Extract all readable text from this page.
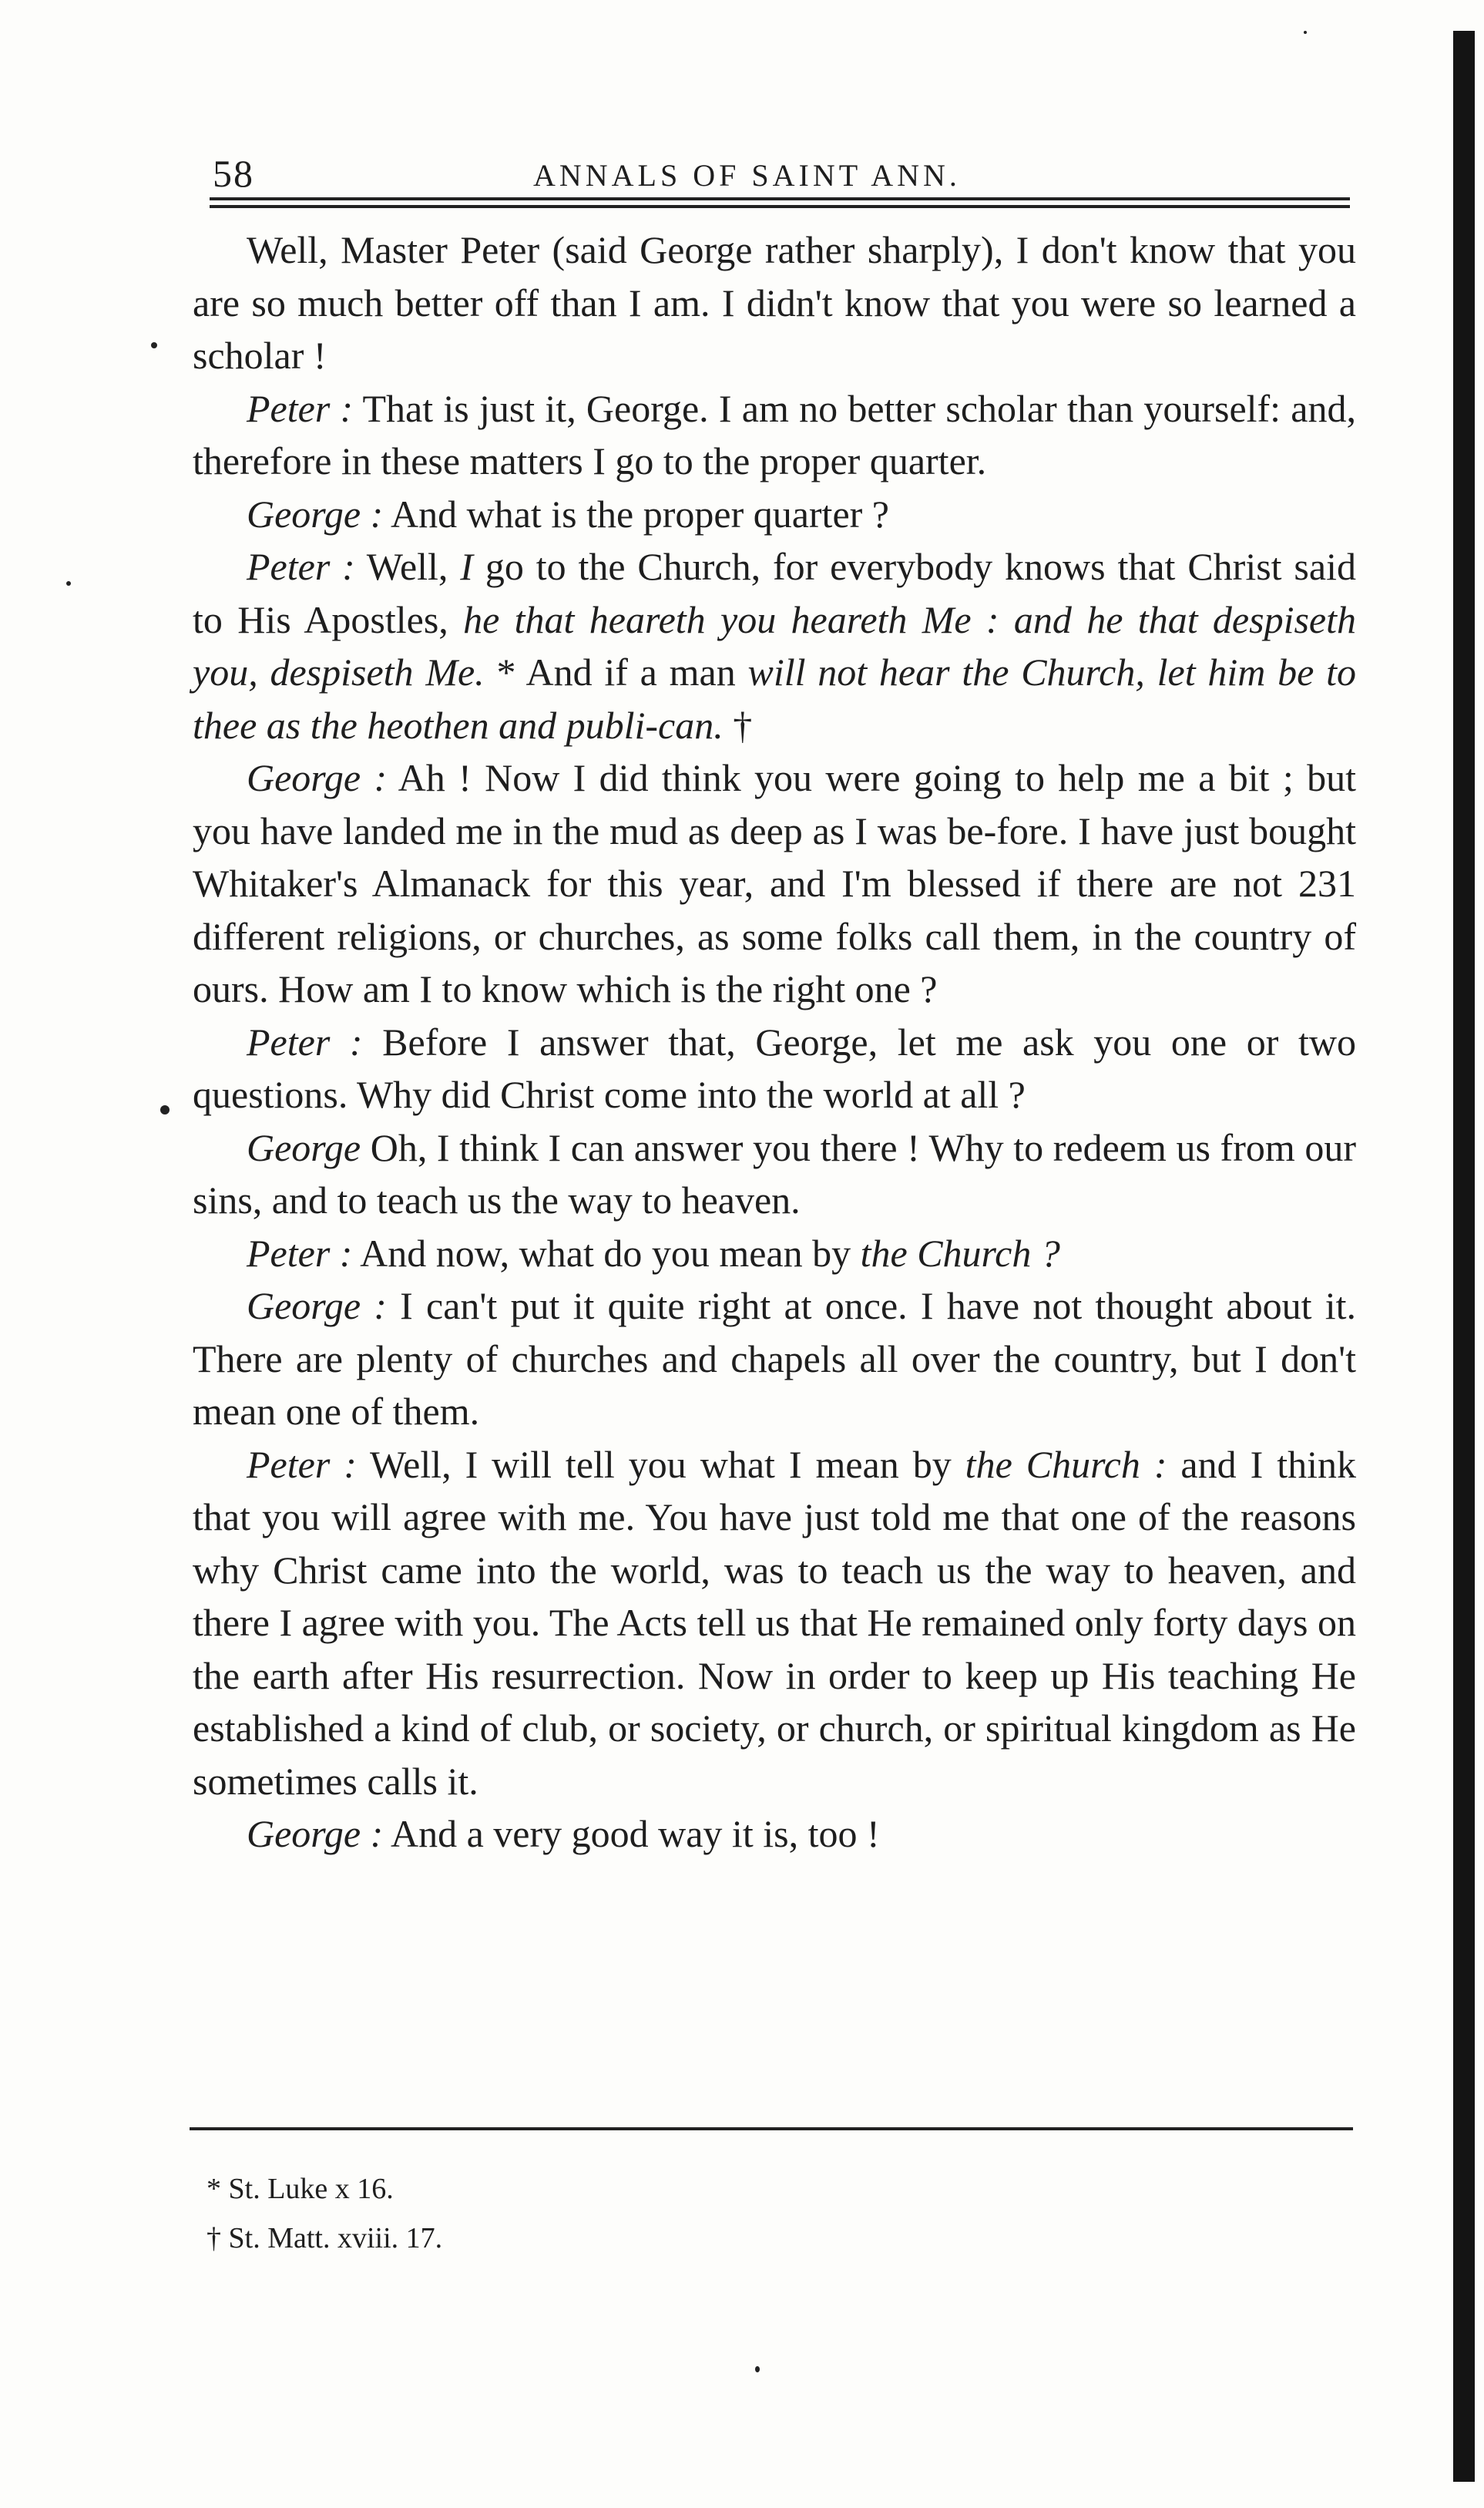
58	ANNALS OF SAINT ANN.

Well, Master Peter (said George rather sharply), I don't know that you are so much better off than I am. I didn't know that you were so learned a scholar !

Peter : That is just it, George. I am no better scholar than yourself: and, therefore in these matters I go to the proper quarter.

George : And what is the proper quarter ?

Peter : Well, I go to the Church, for everybody knows that Christ said to His Apostles, he that heareth you heareth Me : and he that despiseth you, despiseth Me. * And if a man will not hear the Church, let him be to thee as the heothen and publi-can. †

George : Ah ! Now I did think you were going to help me a bit ; but you have landed me in the mud as deep as I was be-fore. I have just bought Whitaker's Almanack for this year, and I'm blessed if there are not 231 different religions, or churches, as some folks call them, in the country of ours. How am I to know which is the right one ?

Peter : Before I answer that, George, let me ask you one or two questions. Why did Christ come into the world at all ?

George Oh, I think I can answer you there ! Why to redeem us from our sins, and to teach us the way to heaven.

Peter : And now, what do you mean by the Church ?

George : I can't put it quite right at once. I have not thought about it. There are plenty of churches and chapels all over the country, but I don't mean one of them.

Peter : Well, I will tell you what I mean by the Church : and I think that you will agree with me. You have just told me that one of the reasons why Christ came into the world, was to teach us the way to heaven, and there I agree with you. The Acts tell us that He remained only forty days on the earth after His resurrection. Now in order to keep up His teaching He established a kind of club, or society, or church, or spiritual kingdom as He sometimes calls it.

George : And a very good way it is, too !

* St. Luke x 16.
† St. Matt. xviii. 17.
